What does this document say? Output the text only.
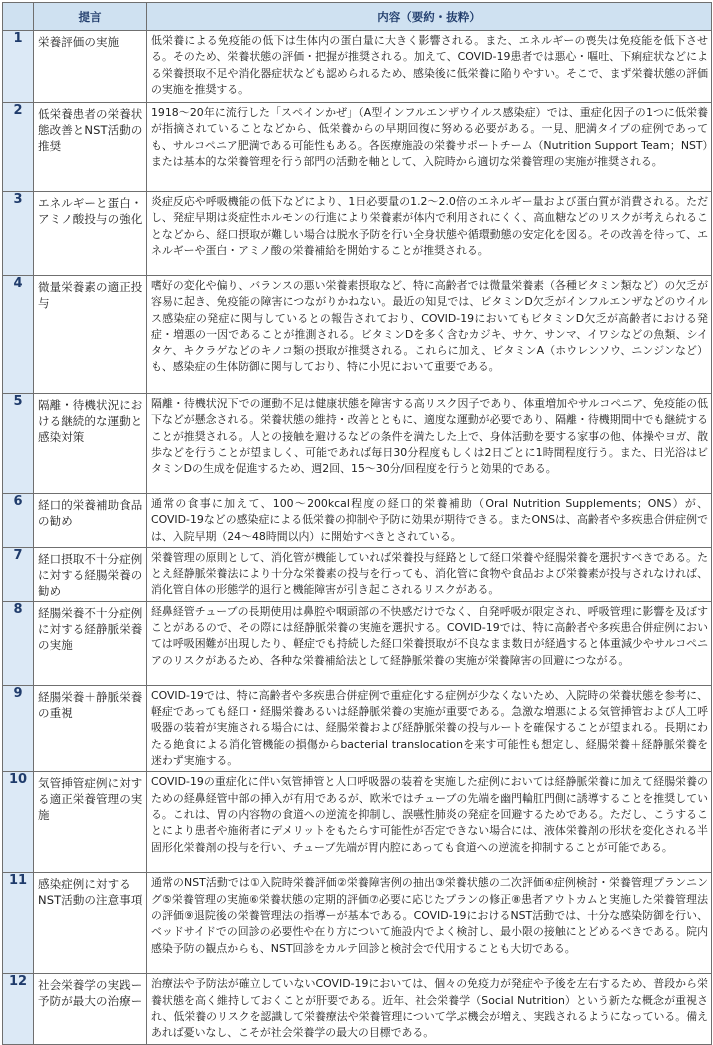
	提言	内容（要約・抜粋）
1	栄養評価の実施	低栄養による免疫能の低下は生体内の蛋白量に大きく影響される。また、エネルギーの喪失は免疫能を低下させる。そのため、栄養状態の評価・把握が推奨される。加えて、COVID-19患者では悪心・嘔吐、下痢症状などによる栄養摂取不足や消化器症状なども認められるため、感染後に低栄養に陥りやすい。そこで、まず栄養状態の評価の実施を推奨する。
2	低栄養患者の栄養状態改善とNST活動の推奨	1918〜20年に流行した「スペインかぜ」（A型インフルエンザウイルス感染症）では、重症化因子の1つに低栄養が指摘されていることなどから、低栄養からの早期回復に努める必要がある。一見、肥満タイプの症例であっても、サルコペニア肥満である可能性もある。各医療施設の栄養サポートチーム（Nutrition Support Team；NST）または基本的な栄養管理を行う部門の活動を軸として、入院時から適切な栄養管理の実施が推奨される。
3	エネルギーと蛋白・アミノ酸投与の強化	炎症反応や呼吸機能の低下などにより、1日必要量の1.2〜2.0倍のエネルギー量および蛋白質が消費される。ただし、発症早期は炎症性ホルモンの行進により栄養素が体内で利用されにくく、高血糖などのリスクが考えられることなどから、経口摂取が難しい場合は脱水予防を行い全身状態や循環動態の安定化を図る。その改善を待って、エネルギーや蛋白・アミノ酸の栄養補給を開始することが推奨される。
4	微量栄養素の適正投与	嗜好の変化や偏り、バランスの悪い栄養素摂取など、特に高齢者では微量栄養素（各種ビタミン類など）の欠乏が容易に起き、免疫能の障害につながりかねない。最近の知見では、ビタミンD欠乏がインフルエンザなどのウイルス感染症の発症に関与しているとの報告されており、COVID-19においてもビタミンD欠乏が高齢者における発症・増悪の一因であることが推測される。ビタミンDを多く含むカジキ、サケ、サンマ、イワシなどの魚類、シイタケ、キクラゲなどのキノコ類の摂取が推奨される。これらに加え、ビタミンA（ホウレンソウ、ニンジンなど）も、感染症の生体防御に関与しており、特に小児において重要である。
5	隔離・待機状況における継続的な運動と感染対策	隔離・待機状況下での運動不足は健康状態を障害する高リスク因子であり、体重増加やサルコペニア、免疫能の低下などが懸念される。栄養状態の維持・改善とともに、適度な運動が必要であり、隔離・待機期間中でも継続することが推奨される。人との接触を避けるなどの条件を満たした上で、身体活動を要する家事の他、体操やヨガ、散歩などを行うことが望ましく、可能であれば毎日30分程度もしくは2日ごとに1時間程度行う。また、日光浴はビタミンDの生成を促進するため、週2回、15〜30分/回程度を行うと効果的である。
6	経口的栄養補助食品の勧め	通常の食事に加えて、100〜200kcal程度の経口的栄養補助（Oral Nutrition Supplements；ONS）が、COVID-19などの感染症による低栄養の抑制や予防に効果が期待できる。またONSは、高齢者や多疾患合併症例では、入院早期（24〜48時間以内）に開始すべきとされている。
7	経口摂取不十分症例に対する経腸栄養の勧め	栄養管理の原則として、消化管が機能していれば栄養投与経路として経口栄養や経腸栄養を選択すべきである。たとえ経静脈栄養法により十分な栄養素の投与を行っても、消化管に食物や食品および栄養素が投与されなければ、消化管自体の形態学的退行と機能障害が引き起こされるリスクがある。
8	経腸栄養不十分症例に対する経静脈栄養の実施	経鼻経管チューブの長期使用は鼻腔や咽頭部の不快感だけでなく、自発呼吸が限定され、呼吸管理に影響を及ぼすことがあるので、その際には経静脈栄養の実施を選択する。COVID-19では、特に高齢者や多疾患合併症例においては呼吸困難が出現したり、軽症でも持続した経口栄養摂取が不良なまま数日が経過すると体重減少やサルコペニアのリスクがあるため、各种な栄養補給法として経静脈栄養の実施が栄養障害の回避につながる。
9	経腸栄養＋静脈栄養の重視	COVID-19では、特に高齢者や多疾患合併症例で重症化する症例が少なくないため、入院時の栄養状態を参考に、軽症であっても経口・経腸栄養あるいは経静脈栄養の実施が重要である。急激な増悪による気管挿管および人工呼吸器の装着が実施される場合には、経腸栄養および経静脈栄養の投与ルートを確保することが望まれる。長期にわたる絶食による消化管機能の損傷からbacterial translocationを来す可能性も想定し、経腸栄養＋経静脈栄養を迷わず実施する。
10	気管挿管症例に対する適正栄養管理の実施	COVID-19の重症化に伴い気管挿管と人口呼吸器の装着を実施した症例においては経静脈栄養に加えて経腸栄養のための経鼻経管中部の挿入が有用であるが、欧米ではチューブの先端を幽門輪肛門側に誘導することを推奨している。これは、胃の内容物の食道への逆流を抑制し、誤嚥性肺炎の発症を回避するためである。ただし、こうすることにより患者や施術者にデメリットをもたらす可能性が否定できない場合には、液体栄養剤の形状を変化される半固形化栄養剤の投与を行い、チューブ先端が胃内腔にあっても食道への逆流を抑制することが可能である。
11	感染症例に対するNST活動の注意事項	通常のNST活動では①入院時栄養評価②栄養障害例の抽出③栄養状態の二次評価④症例検討・栄養管理プランニング⑤栄養管理の実施⑥栄養状態の定期的評価⑦必要に応じたプランの修正⑧患者アウトカムと実施した栄養管理法の評価⑨退院後の栄養管理法の指導ーが基本である。COVID-19におけるNST活動では、十分な感染防御を行い、ベッドサイドでの回診の必要性や在り方について施設内でよく検討し、最小限の接触にとどめるべきである。院内感染予防の観点からも、NST回診をカルテ回診と検討会で代用することも大切である。
12	社会栄養学の実践ー予防が最大の治療ー	治療法や予防法が確立していないCOVID-19においては、個々の免疫力が発症や予後を左右するため、普段から栄養状態を高く維持しておくことが肝要である。近年、社会栄養学（Social Nutrition）という新たな概念が重視され、低栄養のリスクを認識して栄養療法や栄養管理について学ぶ機会が増え、実践されるようになっている。備えあれば憂いなし、こそが社会栄養学の最大の目標である。
